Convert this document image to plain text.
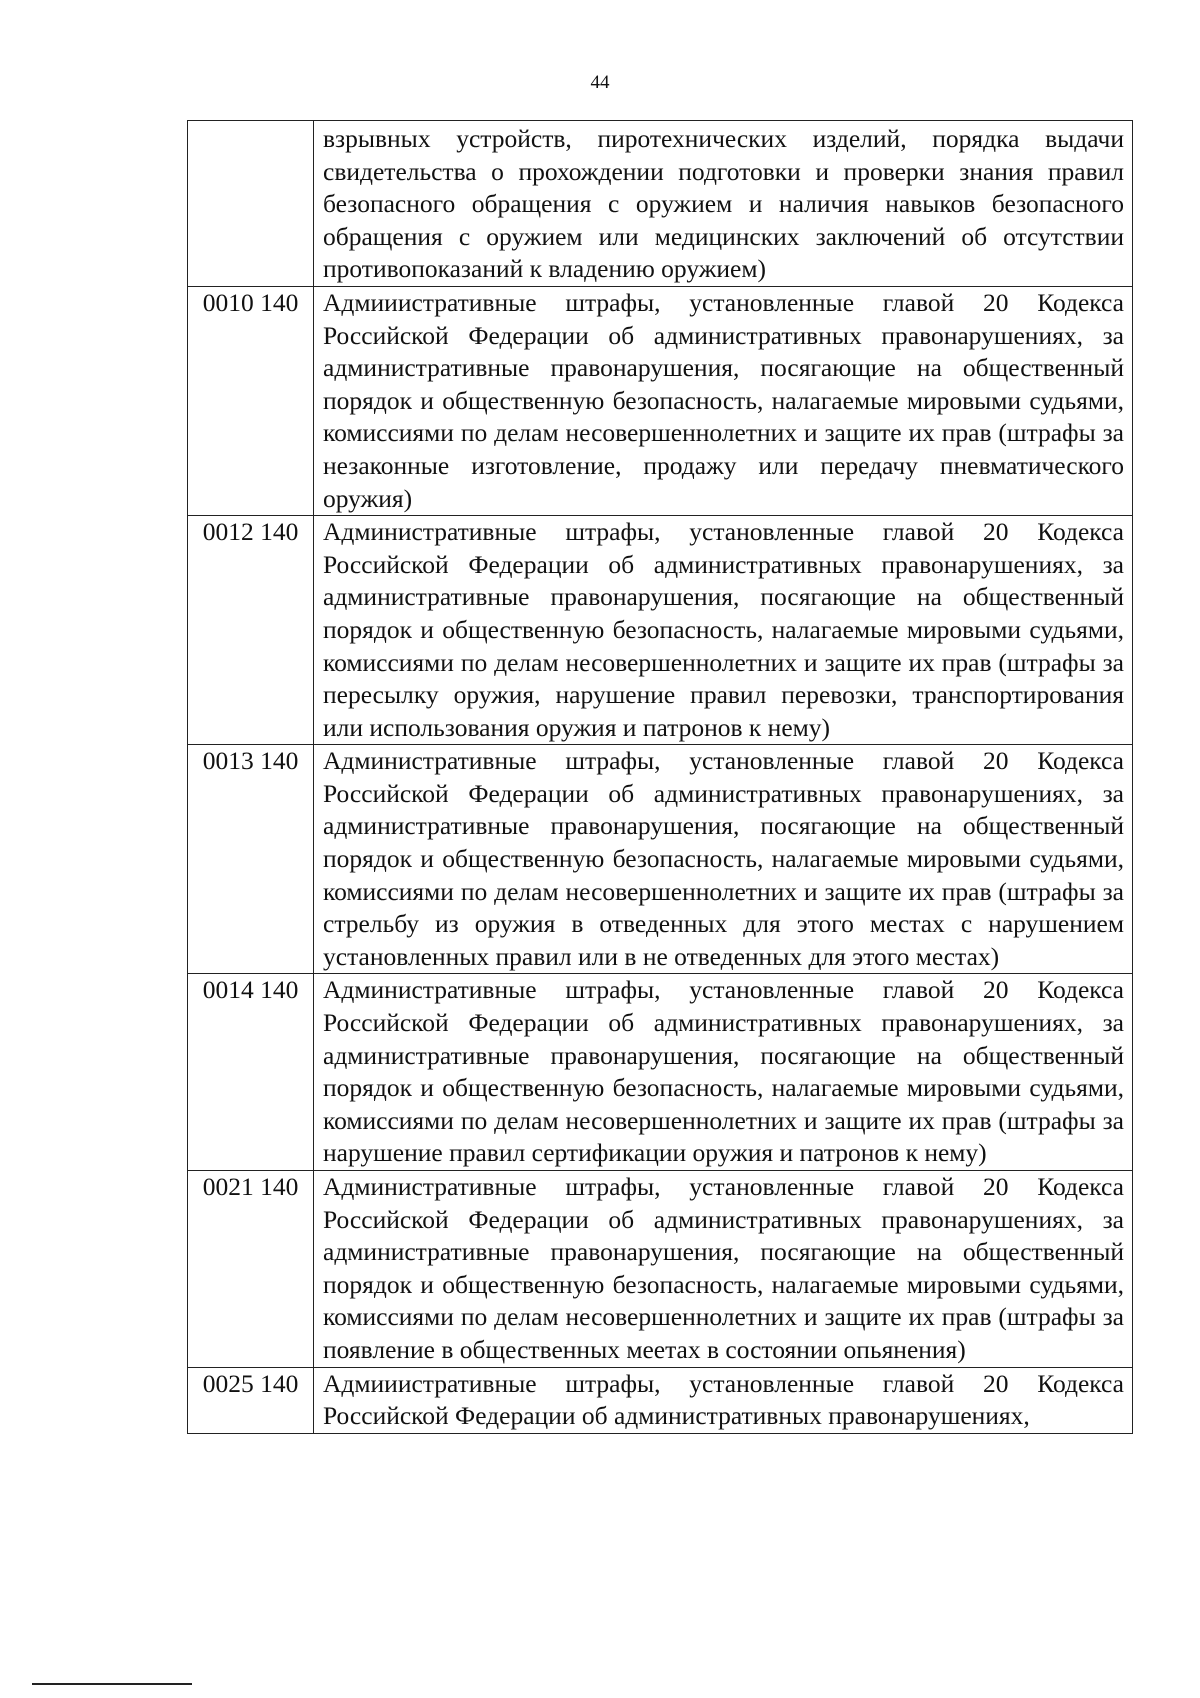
44
	взрывных устройств, пиротехнических изделий, порядка выдачи свидетельства о прохождении подготовки и проверки знания правил безопасного обращения с оружием и наличия навыков безопасного обращения с оружием или медицинских заключений об отсутствии противопоказаний к владению оружием)
0010 140	Адмииистративные штрафы, установленные главой 20 Кодекса Российской Федерации об административных правонарушениях, за административные правонарушения, посягающие на общественный порядок и общественную безопасность, налагаемые мировыми судьями, комиссиями по делам несовершеннолетних и защите их прав (штрафы за незаконные изготовление, продажу или передачу пневматического оружия)
0012 140	Административные штрафы, установленные главой 20 Кодекса Российской Федерации об административных правонарушениях, за административные правонарушения, посягающие на общественный порядок и общественную безопасность, налагаемые мировыми судьями, комиссиями по делам несовершеннолетних и защите их прав (штрафы за пересылку оружия, нарушение правил перевозки, транспортирования или использования оружия и патронов к нему)
0013 140	Административные штрафы, установленные главой 20 Кодекса Российской Федерации об административных правонарушениях, за административные правонарушения, посягающие на общественный порядок и общественную безопасность, налагаемые мировыми судьями, комиссиями по делам несовершеннолетних и защите их прав (штрафы за стрельбу из оружия в отведенных для этого местах с нарушением установленных правил или в не отведенных для этого местах)
0014 140	Административные штрафы, установленные главой 20 Кодекса Российской Федерации об административных правонарушениях, за административные правонарушения, посягающие на общественный порядок и общественную безопасность, налагаемые мировыми судьями, комиссиями по делам несовершеннолетних и защите их прав (штрафы за нарушение правил сертификации оружия и патронов к нему)
0021 140	Административные штрафы, установленные главой 20 Кодекса Российской Федерации об административных правонарушениях, за административные правонарушения, посягающие на общественный порядок и общественную безопасность, налагаемые мировыми судьями, комиссиями по делам несовершеннолетних и защите их прав (штрафы за появление в общественных меетах в состоянии опьянения)
0025 140	Адмииистративные штрафы, установленные главой 20 Кодекса Российской Федерации об административных правонарушениях,
